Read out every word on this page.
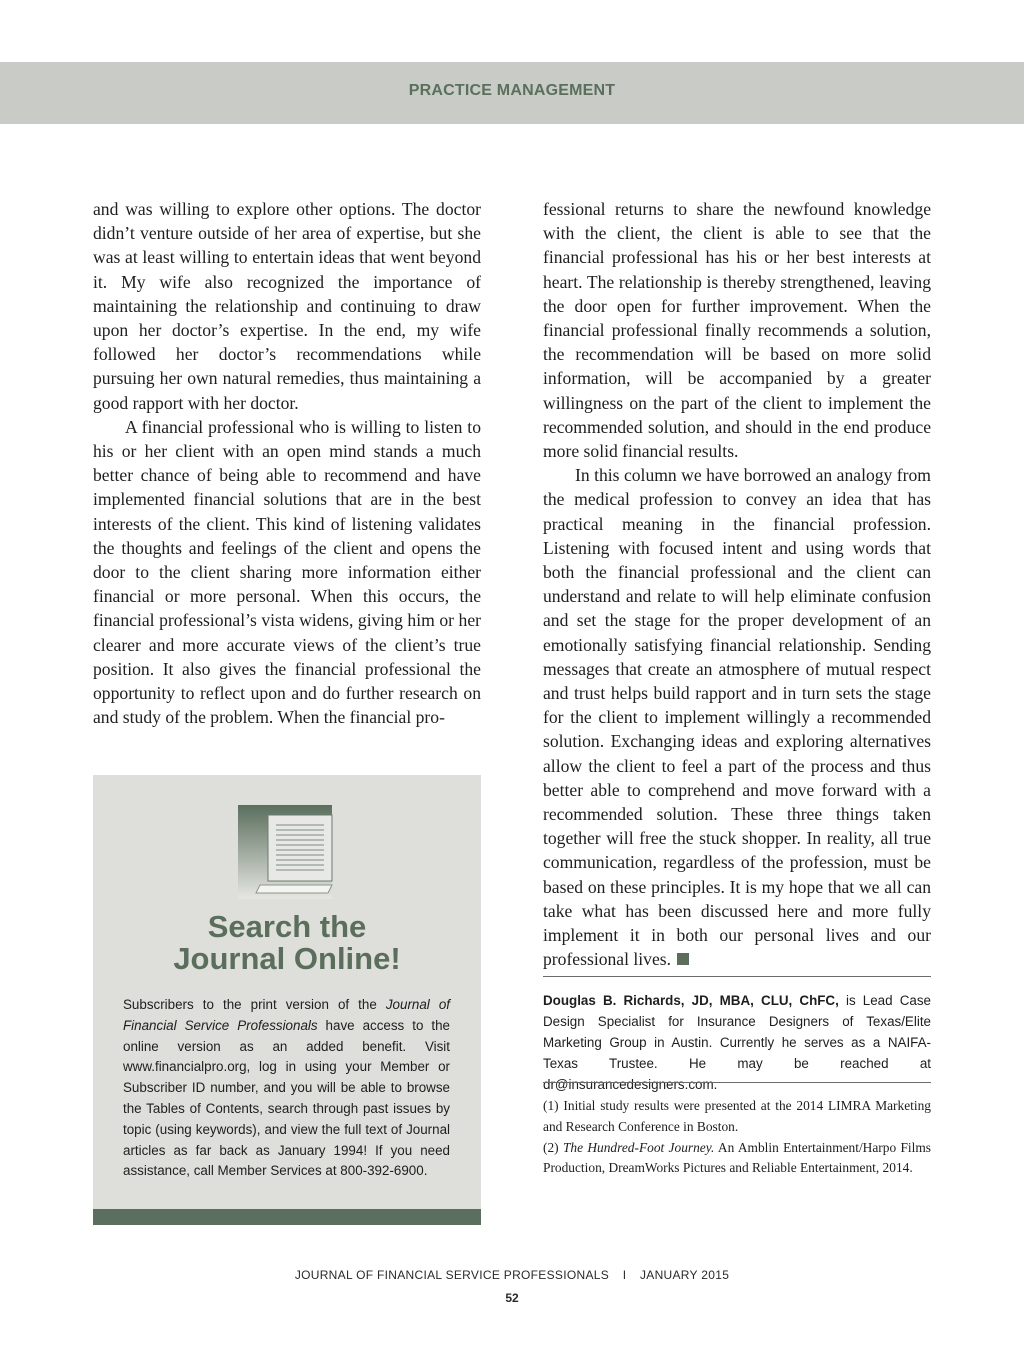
PRACTICE MANAGEMENT

and was willing to explore other options. The doctor didn’t venture outside of her area of expertise, but she was at least willing to entertain ideas that went beyond it. My wife also recognized the importance of maintaining the relationship and continuing to draw upon her doctor’s expertise. In the end, my wife followed her doctor’s recommendations while pursuing her own natural remedies, thus maintaining a good rapport with her doctor.

A financial professional who is willing to listen to his or her client with an open mind stands a much better chance of being able to recommend and have implemented financial solutions that are in the best interests of the client. This kind of listening validates the thoughts and feelings of the client and opens the door to the client sharing more information either financial or more personal. When this occurs, the financial professional’s vista widens, giving him or her clearer and more accurate views of the client’s true position. It also gives the financial professional the opportunity to reflect upon and do further research on and study of the problem. When the financial pro-

fessional returns to share the newfound knowledge with the client, the client is able to see that the financial professional has his or her best interests at heart. The relationship is thereby strengthened, leaving the door open for further improvement. When the financial professional finally recommends a solution, the recommendation will be based on more solid information, will be accompanied by a greater willingness on the part of the client to implement the recommended solution, and should in the end produce more solid financial results.

In this column we have borrowed an analogy from the medical profession to convey an idea that has practical meaning in the financial profession. Listening with focused intent and using words that both the financial professional and the client can understand and relate to will help eliminate confusion and set the stage for the proper development of an emotionally satisfying financial relationship. Sending messages that create an atmosphere of mutual respect and trust helps build rapport and in turn sets the stage for the client to implement willingly a recommended solution. Exchanging ideas and exploring alternatives allow the client to feel a part of the process and thus better able to comprehend and move forward with a recommended solution. These three things taken together will free the stuck shopper. In reality, all true communication, regardless of the profession, must be based on these principles. It is my hope that we all can take what has been discussed here and more fully implement it in both our personal lives and our professional lives.

Search the
Journal Online!
Subscribers to the print version of the Journal of Financial Service Professionals have access to the online version as an added benefit. Visit www.financialpro.org, log in using your Member or Subscriber ID number, and you will be able to browse the Tables of Contents, search through past issues by topic (using keywords), and view the full text of Journal articles as far back as January 1994! If you need assistance, call Member Services at 800-392-6900.
Douglas B. Richards, JD, MBA, CLU, ChFC, is Lead Case Design Specialist for Insurance Designers of Texas/Elite Marketing Group in Austin. Currently he serves as a NAIFA-Texas Trustee. He may be reached at dr@insurancedesigners.com.

(1) Initial study results were presented at the 2014 LIMRA Marketing and Research Conference in Boston.

(2) The Hundred-Foot Journey. An Amblin Entertainment/Harpo Films Production, DreamWorks Pictures and Reliable Entertainment, 2014.

JOURNAL OF FINANCIAL SERVICE PROFESSIONALS I JANUARY 2015
52
